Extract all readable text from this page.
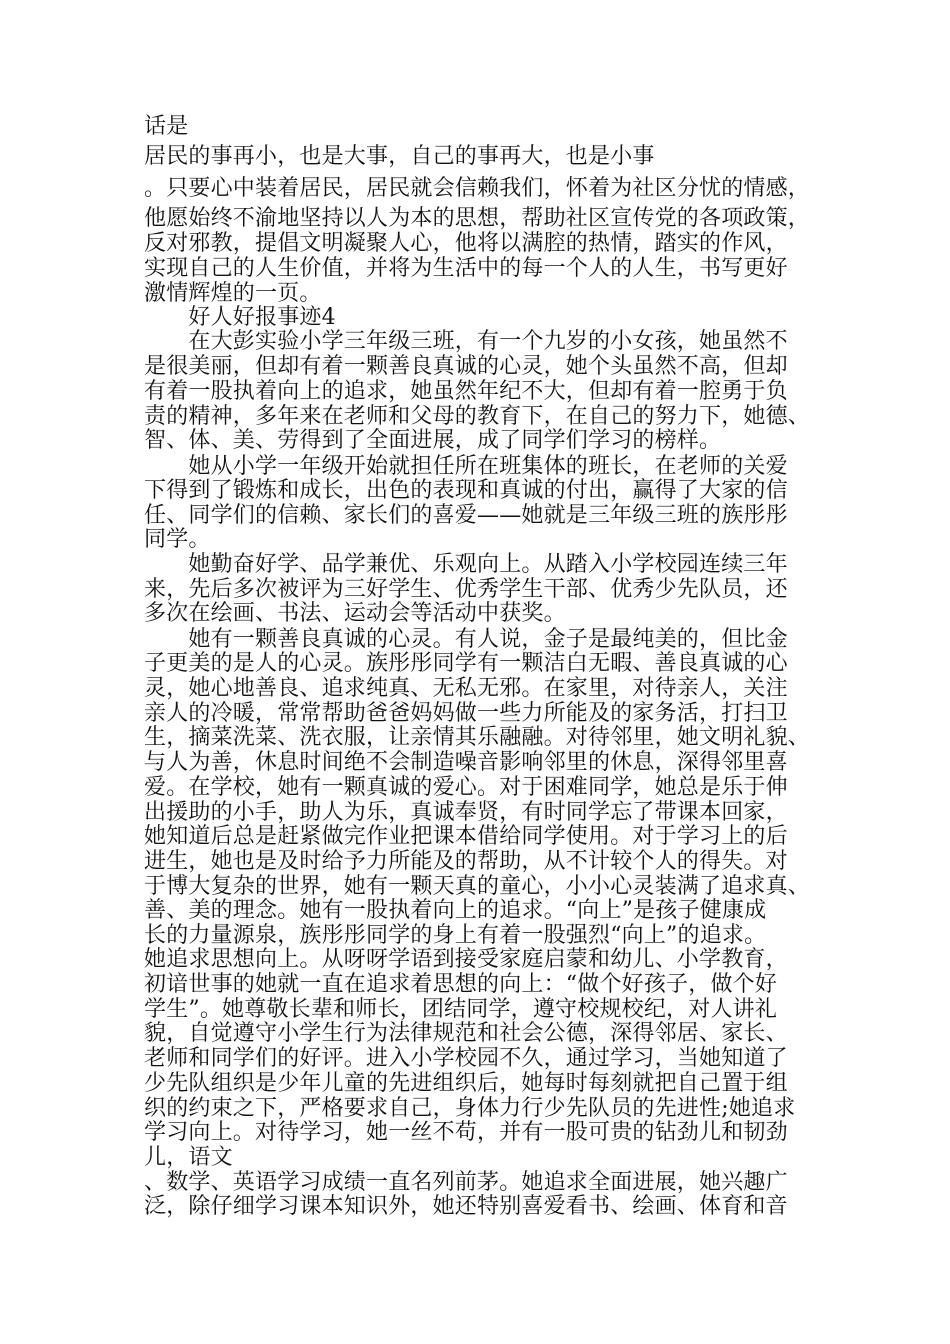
话是
居民的事再小，也是大事，自己的事再大，也是小事
。只要心中装着居民，居民就会信赖我们，怀着为社区分忧的情感，
他愿始终不渝地坚持以人为本的思想，帮助社区宣传党的各项政策，
反对邪教，提倡文明凝聚人心，他将以满腔的热情，踏实的作风，
实现自己的人生价值，并将为生活中的每一个人的人生，书写更好
激情辉煌的一页。
　　好人好报事迹4
　　在大彭实验小学三年级三班，有一个九岁的小女孩，她虽然不
是很美丽，但却有着一颗善良真诚的心灵，她个头虽然不高，但却
有着一股执着向上的追求，她虽然年纪不大，但却有着一腔勇于负
责的精神，多年来在老师和父母的教育下，在自己的努力下，她德、
智、体、美、劳得到了全面进展，成了同学们学习的榜样。
　　她从小学一年级开始就担任所在班集体的班长，在老师的关爱
下得到了锻炼和成长，出色的表现和真诚的付出，赢得了大家的信
任、同学们的信赖、家长们的喜爱——她就是三年级三班的族彤彤
同学。
　　她勤奋好学、品学兼优、乐观向上。从踏入小学校园连续三年
来，先后多次被评为三好学生、优秀学生干部、优秀少先队员，还
多次在绘画、书法、运动会等活动中获奖。
　　她有一颗善良真诚的心灵。有人说，金子是最纯美的，但比金
子更美的是人的心灵。族彤彤同学有一颗洁白无暇、善良真诚的心
灵，她心地善良、追求纯真、无私无邪。在家里，对待亲人，关注
亲人的冷暖，常常帮助爸爸妈妈做一些力所能及的家务活，打扫卫
生，摘菜洗菜、洗衣服，让亲情其乐融融。对待邻里，她文明礼貌、
与人为善，休息时间绝不会制造噪音影响邻里的休息，深得邻里喜
爱。在学校，她有一颗真诚的爱心。对于困难同学，她总是乐于伸
出援助的小手，助人为乐，真诚奉贤，有时同学忘了带课本回家，
她知道后总是赶紧做完作业把课本借给同学使用。对于学习上的后
进生，她也是及时给予力所能及的帮助，从不计较个人的得失。对
于博大复杂的世界，她有一颗天真的童心，小小心灵装满了追求真、
善、美的理念。她有一股执着向上的追求。“向上”是孩子健康成
长的力量源泉，族彤彤同学的身上有着一股强烈“向上”的追求。
她追求思想向上。从呀呀学语到接受家庭启蒙和幼儿、小学教育，
初谙世事的她就一直在追求着思想的向上：“做个好孩子，做个好
学生”。她尊敬长辈和师长，团结同学，遵守校规校纪，对人讲礼
貌，自觉遵守小学生行为法律规范和社会公德，深得邻居、家长、
老师和同学们的好评。进入小学校园不久，通过学习，当她知道了
少先队组织是少年儿童的先进组织后，她每时每刻就把自己置于组
织的约束之下，严格要求自己，身体力行少先队员的先进性;她追求
学习向上。对待学习，她一丝不苟，并有一股可贵的钻劲儿和韧劲
儿，语文
、数学、英语学习成绩一直名列前茅。她追求全面进展，她兴趣广
泛，除仔细学习课本知识外，她还特别喜爱看书、绘画、体育和音
